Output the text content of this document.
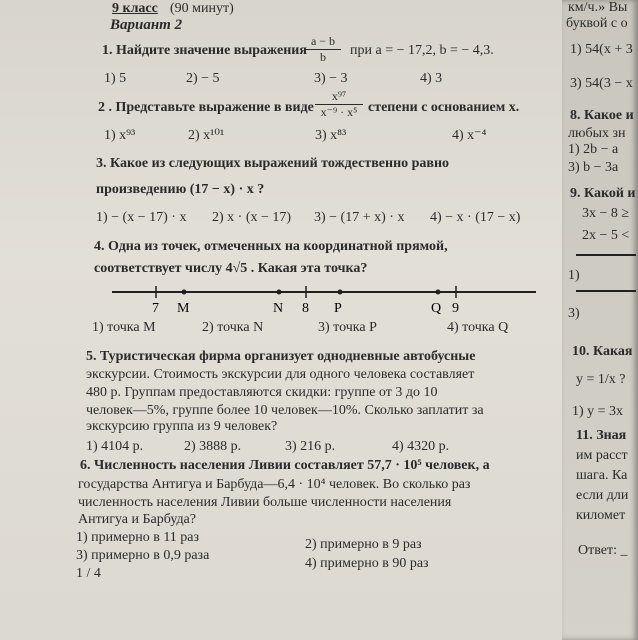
9 класс (90 минут)
Вариант 2
1. Найдите значение выражения
a − b
b	при a = − 17,2, b = − 4,3.
1) 5	2) − 5	3) − 3	4) 3
2 . Представьте выражение в виде
x⁹⁷
x⁻⁹ · x⁵ степени с основанием x.
1) x⁹³	2) x¹⁰¹	3) x⁸³	4) x⁻⁴
3. Какое из следующих выражений тождественно равно
произведению (17 − x) · x ?
1) − (x − 17) · x 2) x · (x − 17) 3) − (17 + x) · x 4) − x · (17 − x)
4. Одна из точек, отмеченных на координатной прямой,
соответствует числу 4√5 . Какая эта точка?
7 M	N 8 P	Q 9
1) точка M	2) точка N	3) точка P	4) точка Q
5. Туристическая фирма организует однодневные автобусные
экскурсии. Стоимость экскурсии для одного человека составляет
480 р. Группам предоставляются скидки: группе от 3 до 10
человек—5%, группе более 10 человек—10%. Сколько заплатит за
экскурсию группа из 9 человек?
1) 4104 р.	2) 3888 р.	3) 216 р.	4) 4320 р.
6. Численность населения Ливии составляет 57,7 · 10⁵ человек, а
государства Антигуа и Барбуда—6,4 · 10⁴ человек. Во сколько раз
численность населения Ливии больше численности населения
Антигуа и Барбуда?
1) примерно в 11 раз	2) примерно в 9 раз
3) примерно в 0,9 раза
4) примерно в 90 раз
1 / 4
км/ч.» Вы
буквой с о
1) 54(x + 3
3) 54(3 − x
8. Какое и
любых зн
1) 2b − a
3) b − 3a
9. Какой и
3x − 8 ≥
2x − 5 <
1)
3)
10. Какая
y = 1/x ?
1) y = 3x
11. Зная
им расст
шага. Ка
если дли
километ
Ответ: _
